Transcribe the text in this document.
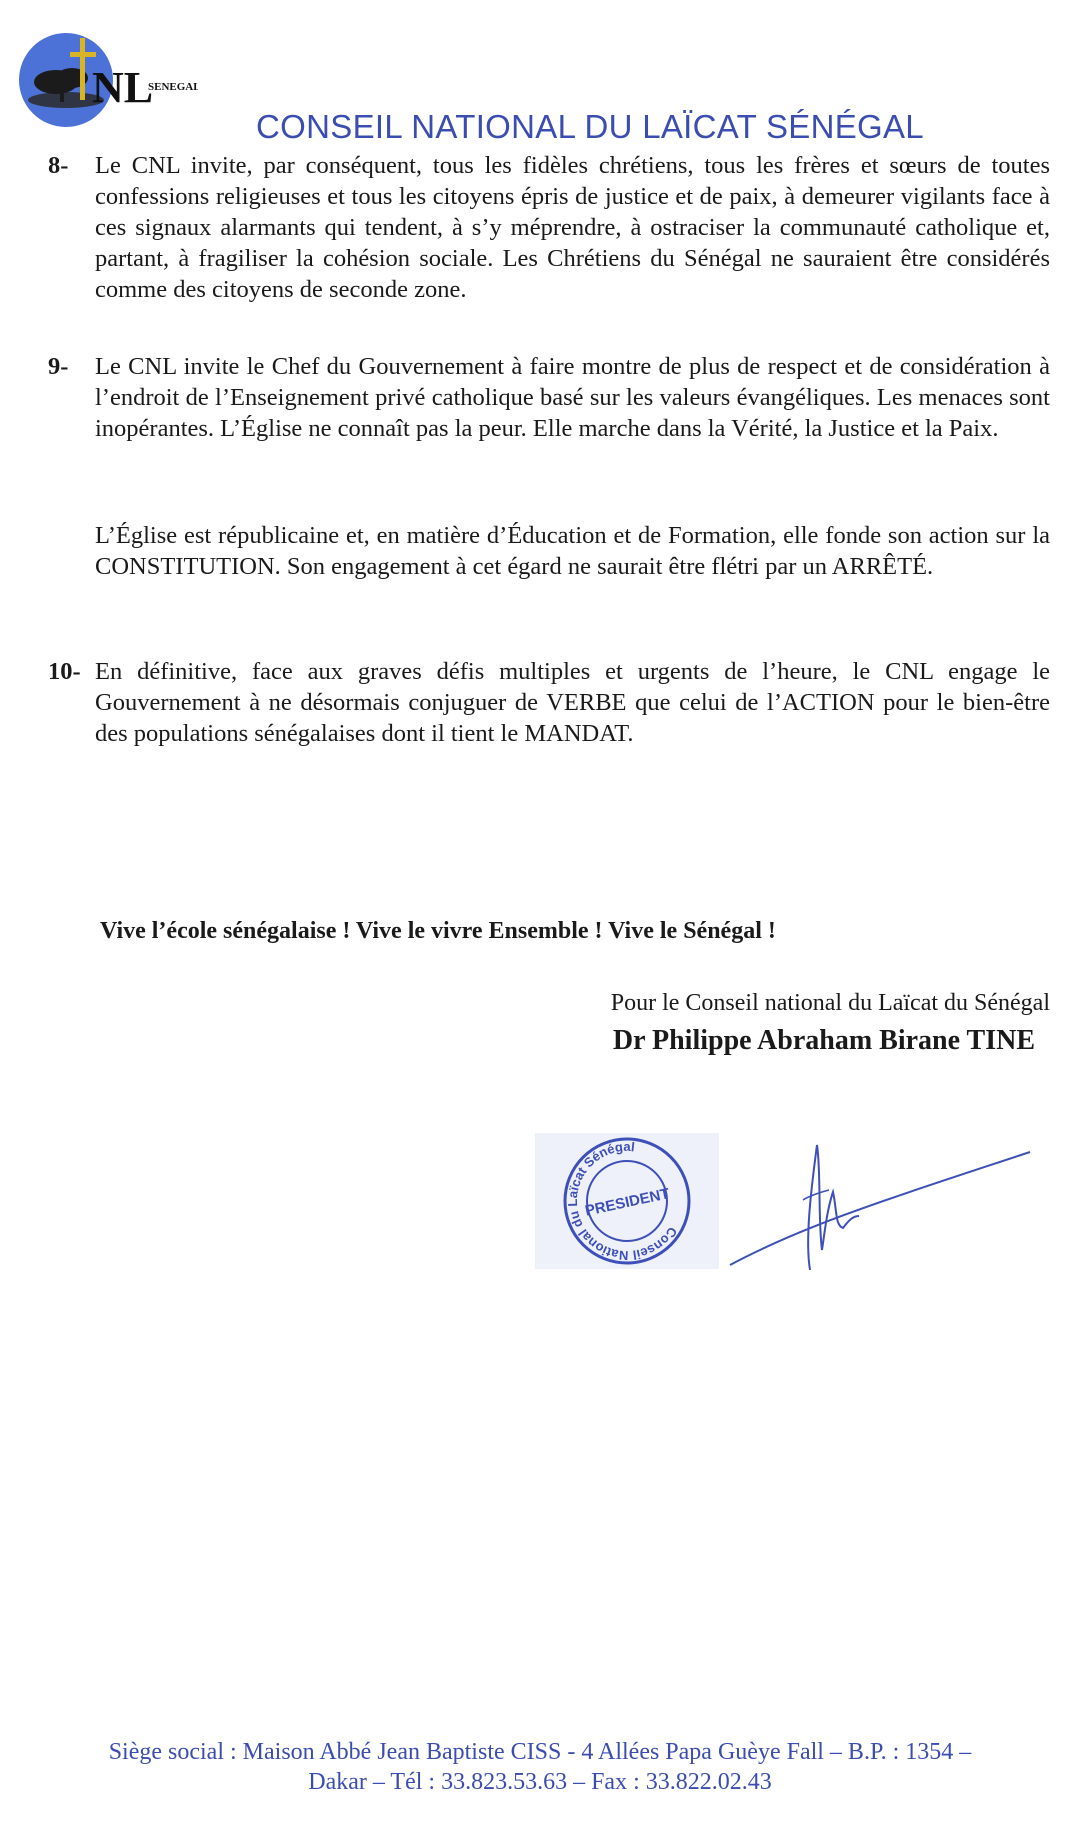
NL
SENEGAL
CONSEIL NATIONAL DU LAÏCAT SÉNÉGAL
8- Le CNL invite, par conséquent, tous les fidèles chrétiens, tous les frères et sœurs de toutes confessions religieuses et tous les citoyens épris de justice et de paix, à demeurer vigilants face à ces signaux alarmants qui tendent, à s’y méprendre, à ostraciser la communauté catholique et, partant, à fragiliser la cohésion sociale. Les Chrétiens du Sénégal ne sauraient être considérés comme des citoyens de seconde zone.
9- Le CNL invite le Chef du Gouvernement à faire montre de plus de respect et de considération à l’endroit de l’Enseignement privé catholique basé sur les valeurs évangéliques. Les menaces sont inopérantes. L’Église ne connaît pas la peur. Elle marche dans la Vérité, la Justice et la Paix.
L’Église est républicaine et, en matière d’Éducation et de Formation, elle fonde son action sur la CONSTITUTION. Son engagement à cet égard ne saurait être flétri par un ARRÊTÉ.
10- En définitive, face aux graves défis multiples et urgents de l’heure, le CNL engage le Gouvernement à ne désormais conjuguer de VERBE que celui de l’ACTION pour le bien-être des populations sénégalaises dont il tient le MANDAT.
Vive l’école sénégalaise ! Vive le vivre Ensemble ! Vive le Sénégal !
Pour le Conseil national du Laïcat du Sénégal
Dr Philippe Abraham Birane TINE
Conseil National du Laïcat Sénégal
PRESIDENT
Siège social : Maison Abbé Jean Baptiste CISS - 4 Allées Papa Guèye Fall – B.P. : 1354 –
Dakar – Tél : 33.823.53.63 – Fax : 33.822.02.43
